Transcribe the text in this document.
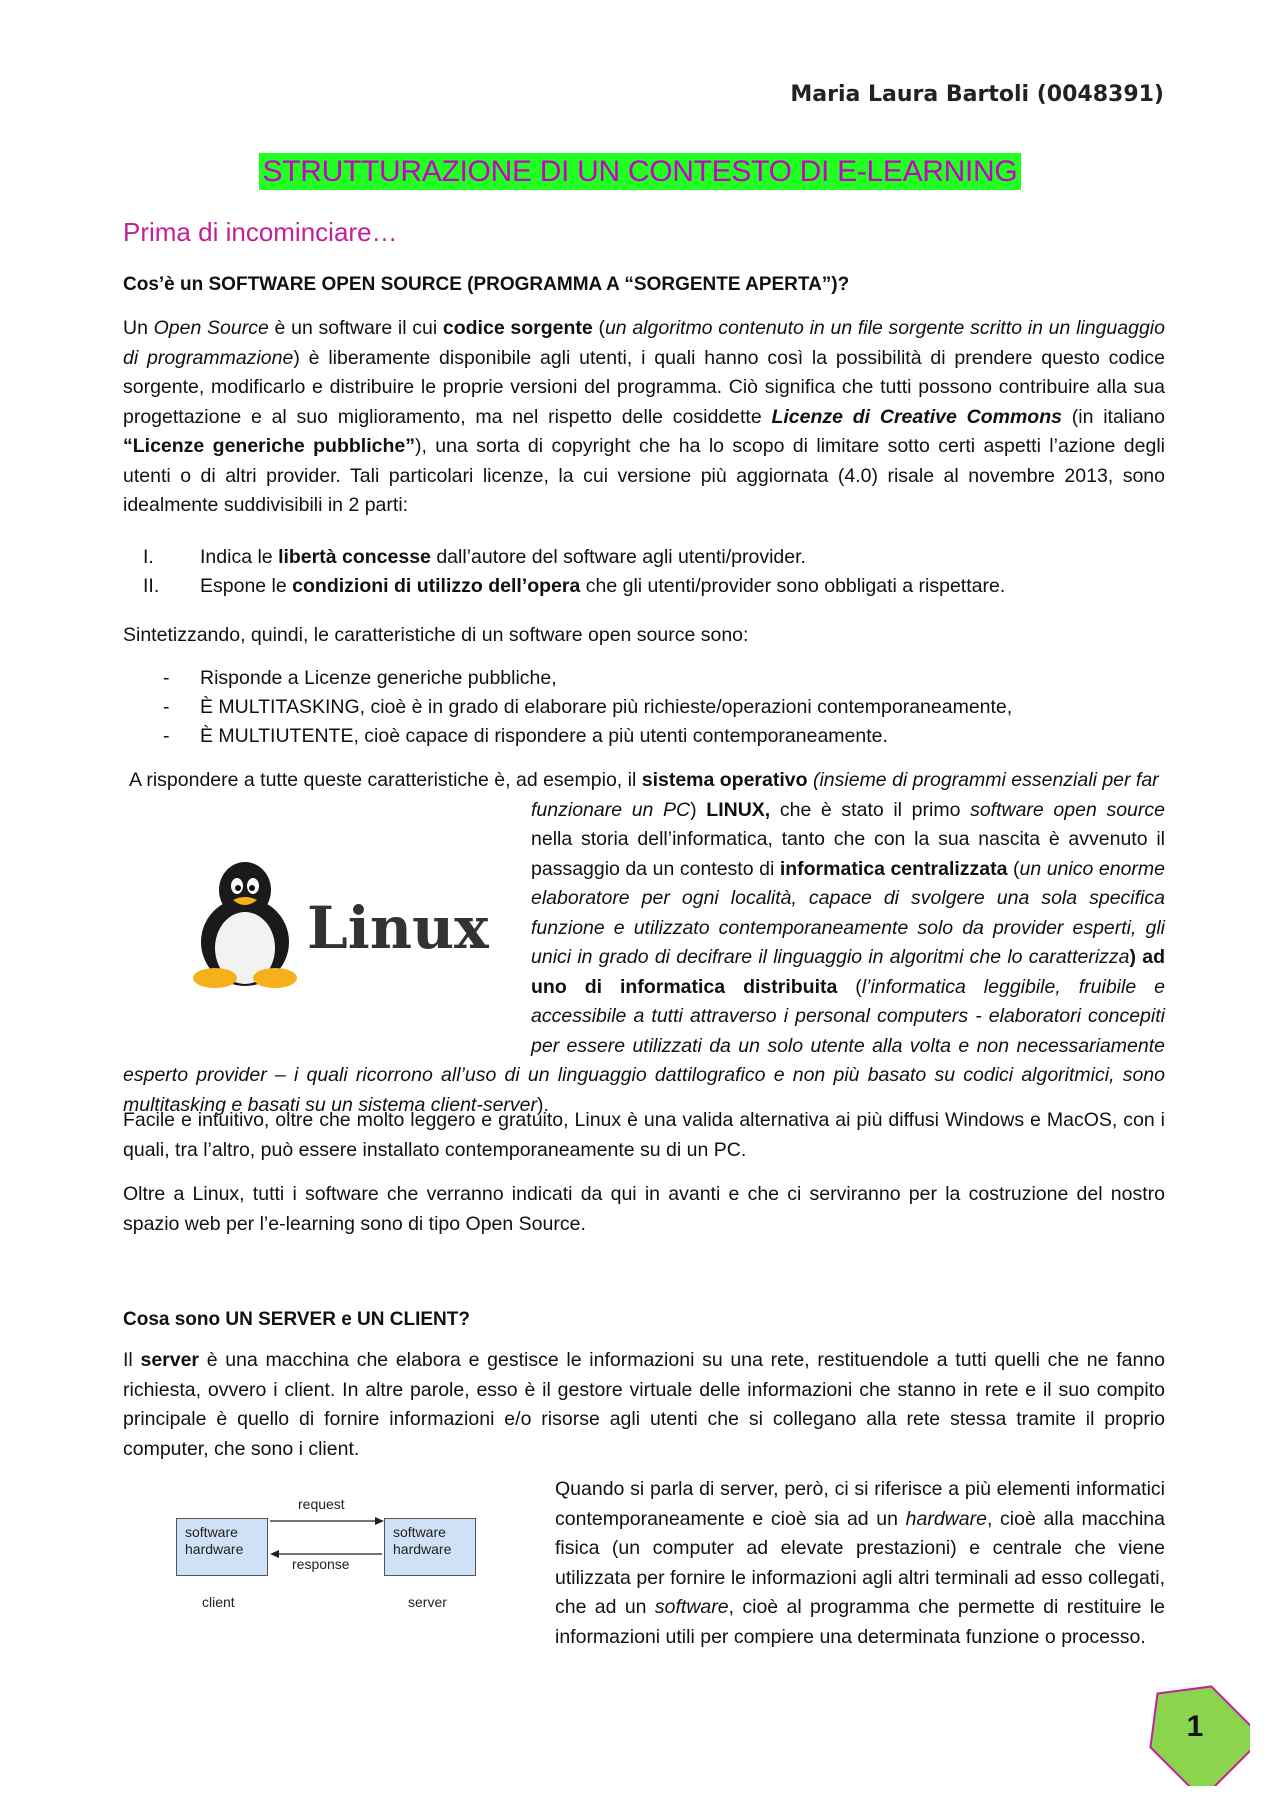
Maria Laura Bartoli (0048391)
STRUTTURAZIONE DI UN CONTESTO DI E-LEARNING
Prima di incominciare…
Cos’è un SOFTWARE OPEN SOURCE (PROGRAMMA A “SORGENTE APERTA”)?

Un Open Source è un software il cui codice sorgente (un algoritmo contenuto in un file sorgente scritto in un linguaggio di programmazione) è liberamente disponibile agli utenti, i quali hanno così la possibilità di prendere questo codice sorgente, modificarlo e distribuire le proprie versioni del programma. Ciò significa che tutti possono contribuire alla sua progettazione e al suo miglioramento, ma nel rispetto delle cosiddette Licenze di Creative Commons (in italiano “Licenze generiche pubbliche”), una sorta di copyright che ha lo scopo di limitare sotto certi aspetti l’azione degli utenti o di altri provider. Tali particolari licenze, la cui versione più aggiornata (4.0) risale al novembre 2013, sono idealmente suddivisibili in 2 parti:

I. Indica le libertà concesse dall’autore del software agli utenti/provider.
II. Espone le condizioni di utilizzo dell’opera che gli utenti/provider sono obbligati a rispettare.

Sintetizzando, quindi, le caratteristiche di un software open source sono:

- Risponde a Licenze generiche pubbliche,
- È MULTITASKING, cioè è in grado di elaborare più richieste/operazioni contemporaneamente,
- È MULTIUTENTE, cioè capace di rispondere a più utenti contemporaneamente.

A rispondere a tutte queste caratteristiche è, ad esempio, il sistema operativo (insieme di programmi essenziali per far

funzionare un PC) LINUX, che è stato il primo software open source nella storia dell’informatica, tanto che con la sua nascita è avvenuto il passaggio da un contesto di informatica centralizzata (un unico enorme elaboratore per ogni località, capace di svolgere una sola specifica funzione e utilizzato contemporaneamente solo da provider esperti, gli unici in grado di decifrare il linguaggio in algoritmi che lo caratterizza) ad uno di informatica distribuita (l’informatica leggibile, fruibile e accessibile a tutti attraverso i personal computers - elaboratori concepiti per essere utilizzati da un solo utente alla volta e non necessariamente esperto provider – i quali ricorrono all’uso di un linguaggio dattilografico e non più basato su codici algoritmici, sono multitasking e basati su un sistema client-server).

Linux

Facile e intuitivo, oltre che molto leggero e gratuito, Linux è una valida alternativa ai più diffusi Windows e MacOS, con i quali, tra l’altro, può essere installato contemporaneamente su di un PC.

Oltre a Linux, tutti i software che verranno indicati da qui in avanti e che ci serviranno per la costruzione del nostro spazio web per l’e-learning sono di tipo Open Source.

Cosa sono UN SERVER e UN CLIENT?

Il server è una macchina che elabora e gestisce le informazioni su una rete, restituendole a tutti quelli che ne fanno richiesta, ovvero i client. In altre parole, esso è il gestore virtuale delle informazioni che stanno in rete e il suo compito principale è quello di fornire informazioni e/o risorse agli utenti che si collegano alla rete stessa tramite il proprio computer, che sono i client.

software
hardware
software
hardware
request
response
client	server

Quando si parla di server, però, ci si riferisce a più elementi informatici contemporaneamente e cioè sia ad un hardware, cioè alla macchina fisica (un computer ad elevate prestazioni) e centrale che viene utilizzata per fornire le informazioni agli altri terminali ad esso collegati, che ad un software, cioè al programma che permette di restituire le informazioni utili per compiere una determinata funzione o processo.

1
